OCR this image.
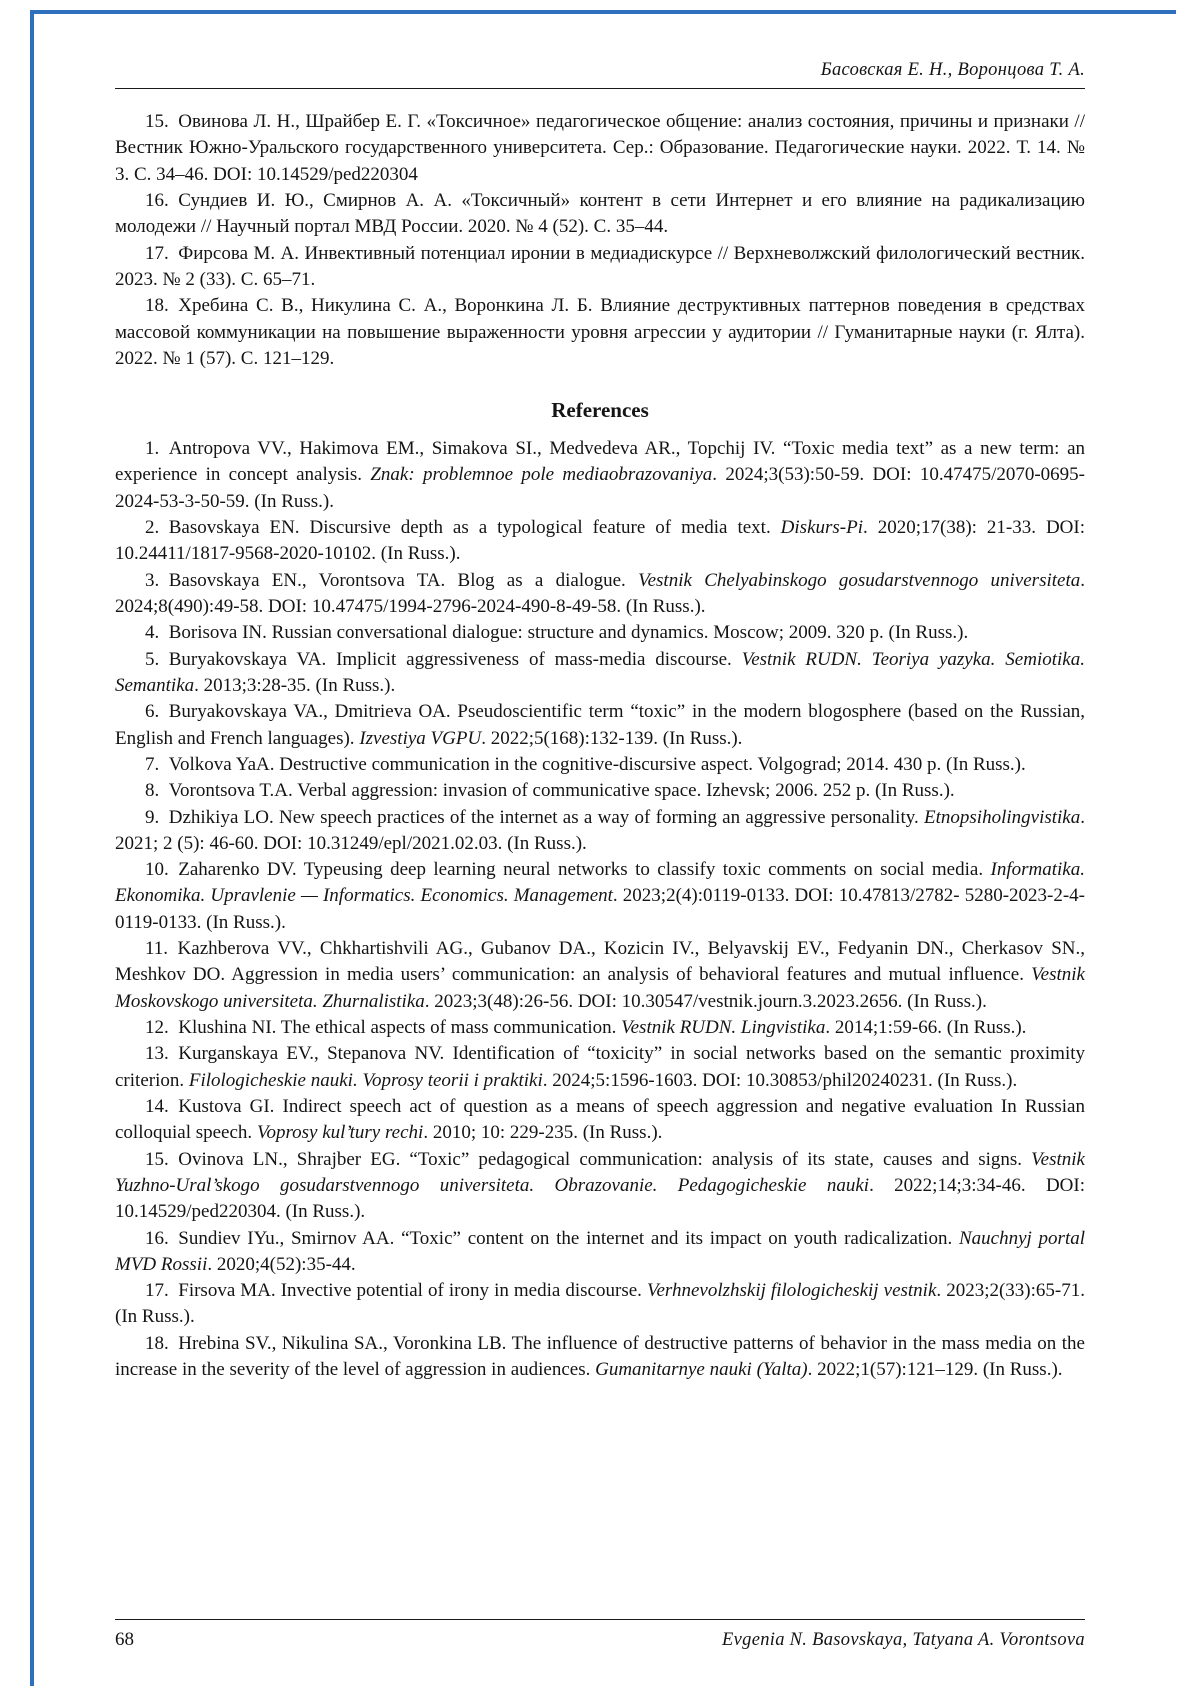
Басовская Е. Н., Воронцова Т. А.

15. Овинова Л. Н., Шрайбер Е. Г. «Токсичное» педагогическое общение: анализ состояния, причины и признаки // Вестник Южно-Уральского государственного университета. Сер.: Образование. Педагогические науки. 2022. Т. 14. № 3. С. 34–46. DOI: 10.14529/ped220304

16. Сундиев И. Ю., Смирнов А. А. «Токсичный» контент в сети Интернет и его влияние на радикализацию молодежи // Научный портал МВД России. 2020. № 4 (52). С. 35–44.

17. Фирсова М. А. Инвективный потенциал иронии в медиадискурсе // Верхневолжский филологический вестник. 2023. № 2 (33). С. 65–71.

18. Хребина С. В., Никулина С. А., Воронкина Л. Б. Влияние деструктивных паттернов поведения в средствах массовой коммуникации на повышение выраженности уровня агрессии у аудитории // Гуманитарные науки (г. Ялта). 2022. № 1 (57). С. 121–129.

References

1. Antropova VV., Hakimova EM., Simakova SI., Medvedeva AR., Topchij IV. “Toxic media text” as a new term: an experience in concept analysis. Znak: problemnoe pole mediaobrazovaniya. 2024;3(53):50-59. DOI: 10.47475/2070-0695-2024-53-3-50-59. (In Russ.).

2. Basovskaya EN. Discursive depth as a typological feature of media text. Diskurs-Pi. 2020;17(38): 21-33. DOI: 10.24411/1817-9568-2020-10102. (In Russ.).

3. Basovskaya EN., Vorontsova TA. Blog as a dialogue. Vestnik Chelyabinskogo gosudarstvennogo universiteta. 2024;8(490):49-58. DOI: 10.47475/1994-2796-2024-490-8-49-58. (In Russ.).

4. Borisova IN. Russian conversational dialogue: structure and dynamics. Moscow; 2009. 320 p. (In Russ.).

5. Buryakovskaya VA. Implicit aggressiveness of mass-media discourse. Vestnik RUDN. Teoriya yazyka. Semiotika. Semantika. 2013;3:28-35. (In Russ.).

6. Buryakovskaya VA., Dmitrieva OA. Pseudoscientific term “toxic” in the modern blogosphere (based on the Russian, English and French languages). Izvestiya VGPU. 2022;5(168):132-139. (In Russ.).

7. Volkova YaA. Destructive communication in the cognitive-discursive aspect. Volgograd; 2014. 430 p. (In Russ.).

8. Vorontsova T.A. Verbal aggression: invasion of communicative space. Izhevsk; 2006. 252 p. (In Russ.).

9. Dzhikiya LO. New speech practices of the internet as a way of forming an aggressive personality. Etnopsiholingvistika. 2021; 2 (5): 46-60. DOI: 10.31249/epl/2021.02.03. (In Russ.).

10. Zaharenko DV. Typeusing deep learning neural networks to classify toxic comments on social media. Informatika. Ekonomika. Upravlenie — Informatics. Economics. Management. 2023;2(4):0119-0133. DOI: 10.47813/2782- 5280-2023-2-4-0119-0133. (In Russ.).

11. Kazhberova VV., Chkhartishvili AG., Gubanov DA., Kozicin IV., Belyavskij EV., Fedyanin DN., Cherkasov SN., Meshkov DO. Aggression in media users’ communication: an analysis of behavioral features and mutual influence. Vestnik Moskovskogo universiteta. Zhurnalistika. 2023;3(48):26-56. DOI: 10.30547/vestnik.journ.3.2023.2656. (In Russ.).

12. Klushina NI. The ethical aspects of mass communication. Vestnik RUDN. Lingvistika. 2014;1:59-66. (In Russ.).

13. Kurganskaya EV., Stepanova NV. Identification of “toxicity” in social networks based on the semantic proximity criterion. Filologicheskie nauki. Voprosy teorii i praktiki. 2024;5:1596-1603. DOI: 10.30853/phil20240231. (In Russ.).

14. Kustova GI. Indirect speech act of question as a means of speech aggression and negative evaluation In Russian colloquial speech. Voprosy kul’tury rechi. 2010; 10: 229-235. (In Russ.).

15. Ovinova LN., Shrajber EG. “Toxic” pedagogical communication: analysis of its state, causes and signs. Vestnik Yuzhno-Ural’skogo gosudarstvennogo universiteta. Obrazovanie. Pedagogicheskie nauki. 2022;14;3:34-46. DOI: 10.14529/ped220304. (In Russ.).

16. Sundiev IYu., Smirnov AA. “Toxic” content on the internet and its impact on youth radicalization. Nauchnyj portal MVD Rossii. 2020;4(52):35-44.

17. Firsova MA. Invective potential of irony in media discourse. Verhnevolzhskij filologicheskij vestnik. 2023;2(33):65-71. (In Russ.).

18. Hrebina SV., Nikulina SA., Voronkina LB. The influence of destructive patterns of behavior in the mass media on the increase in the severity of the level of aggression in audiences. Gumanitarnye nauki (Yalta). 2022;1(57):121–129. (In Russ.).

68	Evgenia N. Basovskaya, Tatyana A. Vorontsova
